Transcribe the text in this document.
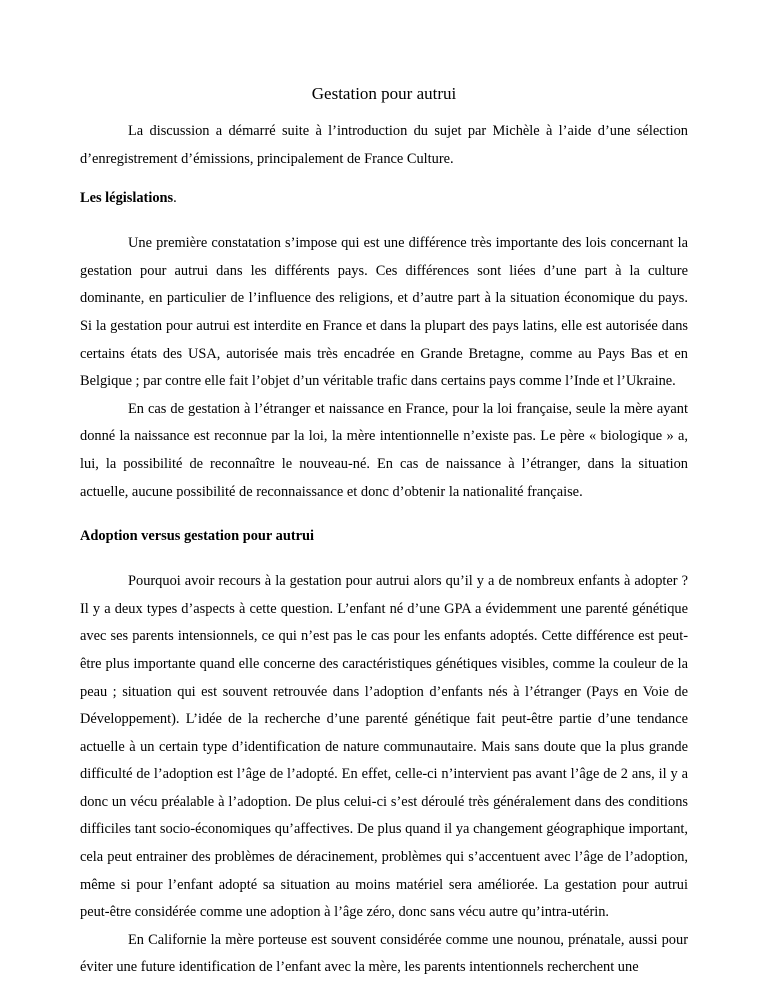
Gestation pour autrui

La discussion a démarré suite à l’introduction du sujet par Michèle à l’aide d’une sélection d’enregistrement d’émissions, principalement de France Culture.

Les législations.

Une première constatation s’impose qui est une différence très importante des lois concernant la gestation pour autrui dans les différents pays. Ces différences sont liées d’une part à la culture dominante, en particulier de l’influence des religions, et d’autre part à la situation économique du pays. Si la gestation pour autrui est interdite en France et dans la plupart des pays latins, elle est autorisée dans certains états des USA, autorisée mais très encadrée en Grande Bretagne, comme au Pays Bas et en Belgique ; par contre elle fait l’objet d’un véritable trafic dans certains pays comme l’Inde et l’Ukraine.

En cas de gestation à l’étranger et naissance en France, pour la loi française, seule la mère ayant donné la naissance est reconnue par la loi, la mère intentionnelle n’existe pas. Le père « biologique » a, lui, la possibilité de reconnaître le nouveau-né. En cas de naissance à l’étranger, dans la situation actuelle, aucune possibilité de reconnaissance et donc d’obtenir la nationalité française.

Adoption versus gestation pour autrui

Pourquoi avoir recours à la gestation pour autrui alors qu’il y a de nombreux enfants à adopter ? Il y a deux types d’aspects à cette question. L’enfant né d’une GPA a évidemment une parenté génétique avec ses parents intensionnels, ce qui n’est pas le cas pour les enfants adoptés. Cette différence est peut-être plus importante quand elle concerne des caractéristiques génétiques visibles, comme la couleur de la peau ; situation qui est souvent retrouvée dans l’adoption d’enfants nés à l’étranger (Pays en Voie de Développement). L’idée de la recherche d’une parenté génétique fait peut-être partie d’une tendance actuelle à un certain type d’identification de nature communautaire. Mais sans doute que la plus grande difficulté de l’adoption est l’âge de l’adopté. En effet, celle-ci n’intervient pas avant l’âge de 2 ans, il y a donc un vécu préalable à l’adoption. De plus celui-ci s’est déroulé très généralement dans des conditions difficiles tant socio-économiques qu’affectives. De plus quand il ya changement géographique important, cela peut entrainer des problèmes de déracinement, problèmes qui s’accentuent avec l’âge de l’adoption, même si pour l’enfant adopté sa situation au moins matériel sera améliorée. La gestation pour autrui peut-être considérée comme une adoption à l’âge zéro, donc sans vécu autre qu’intra-utérin.

En Californie la mère porteuse est souvent considérée comme une nounou, prénatale, aussi pour éviter une future identification de l’enfant avec la mère, les parents intentionnels recherchent une
